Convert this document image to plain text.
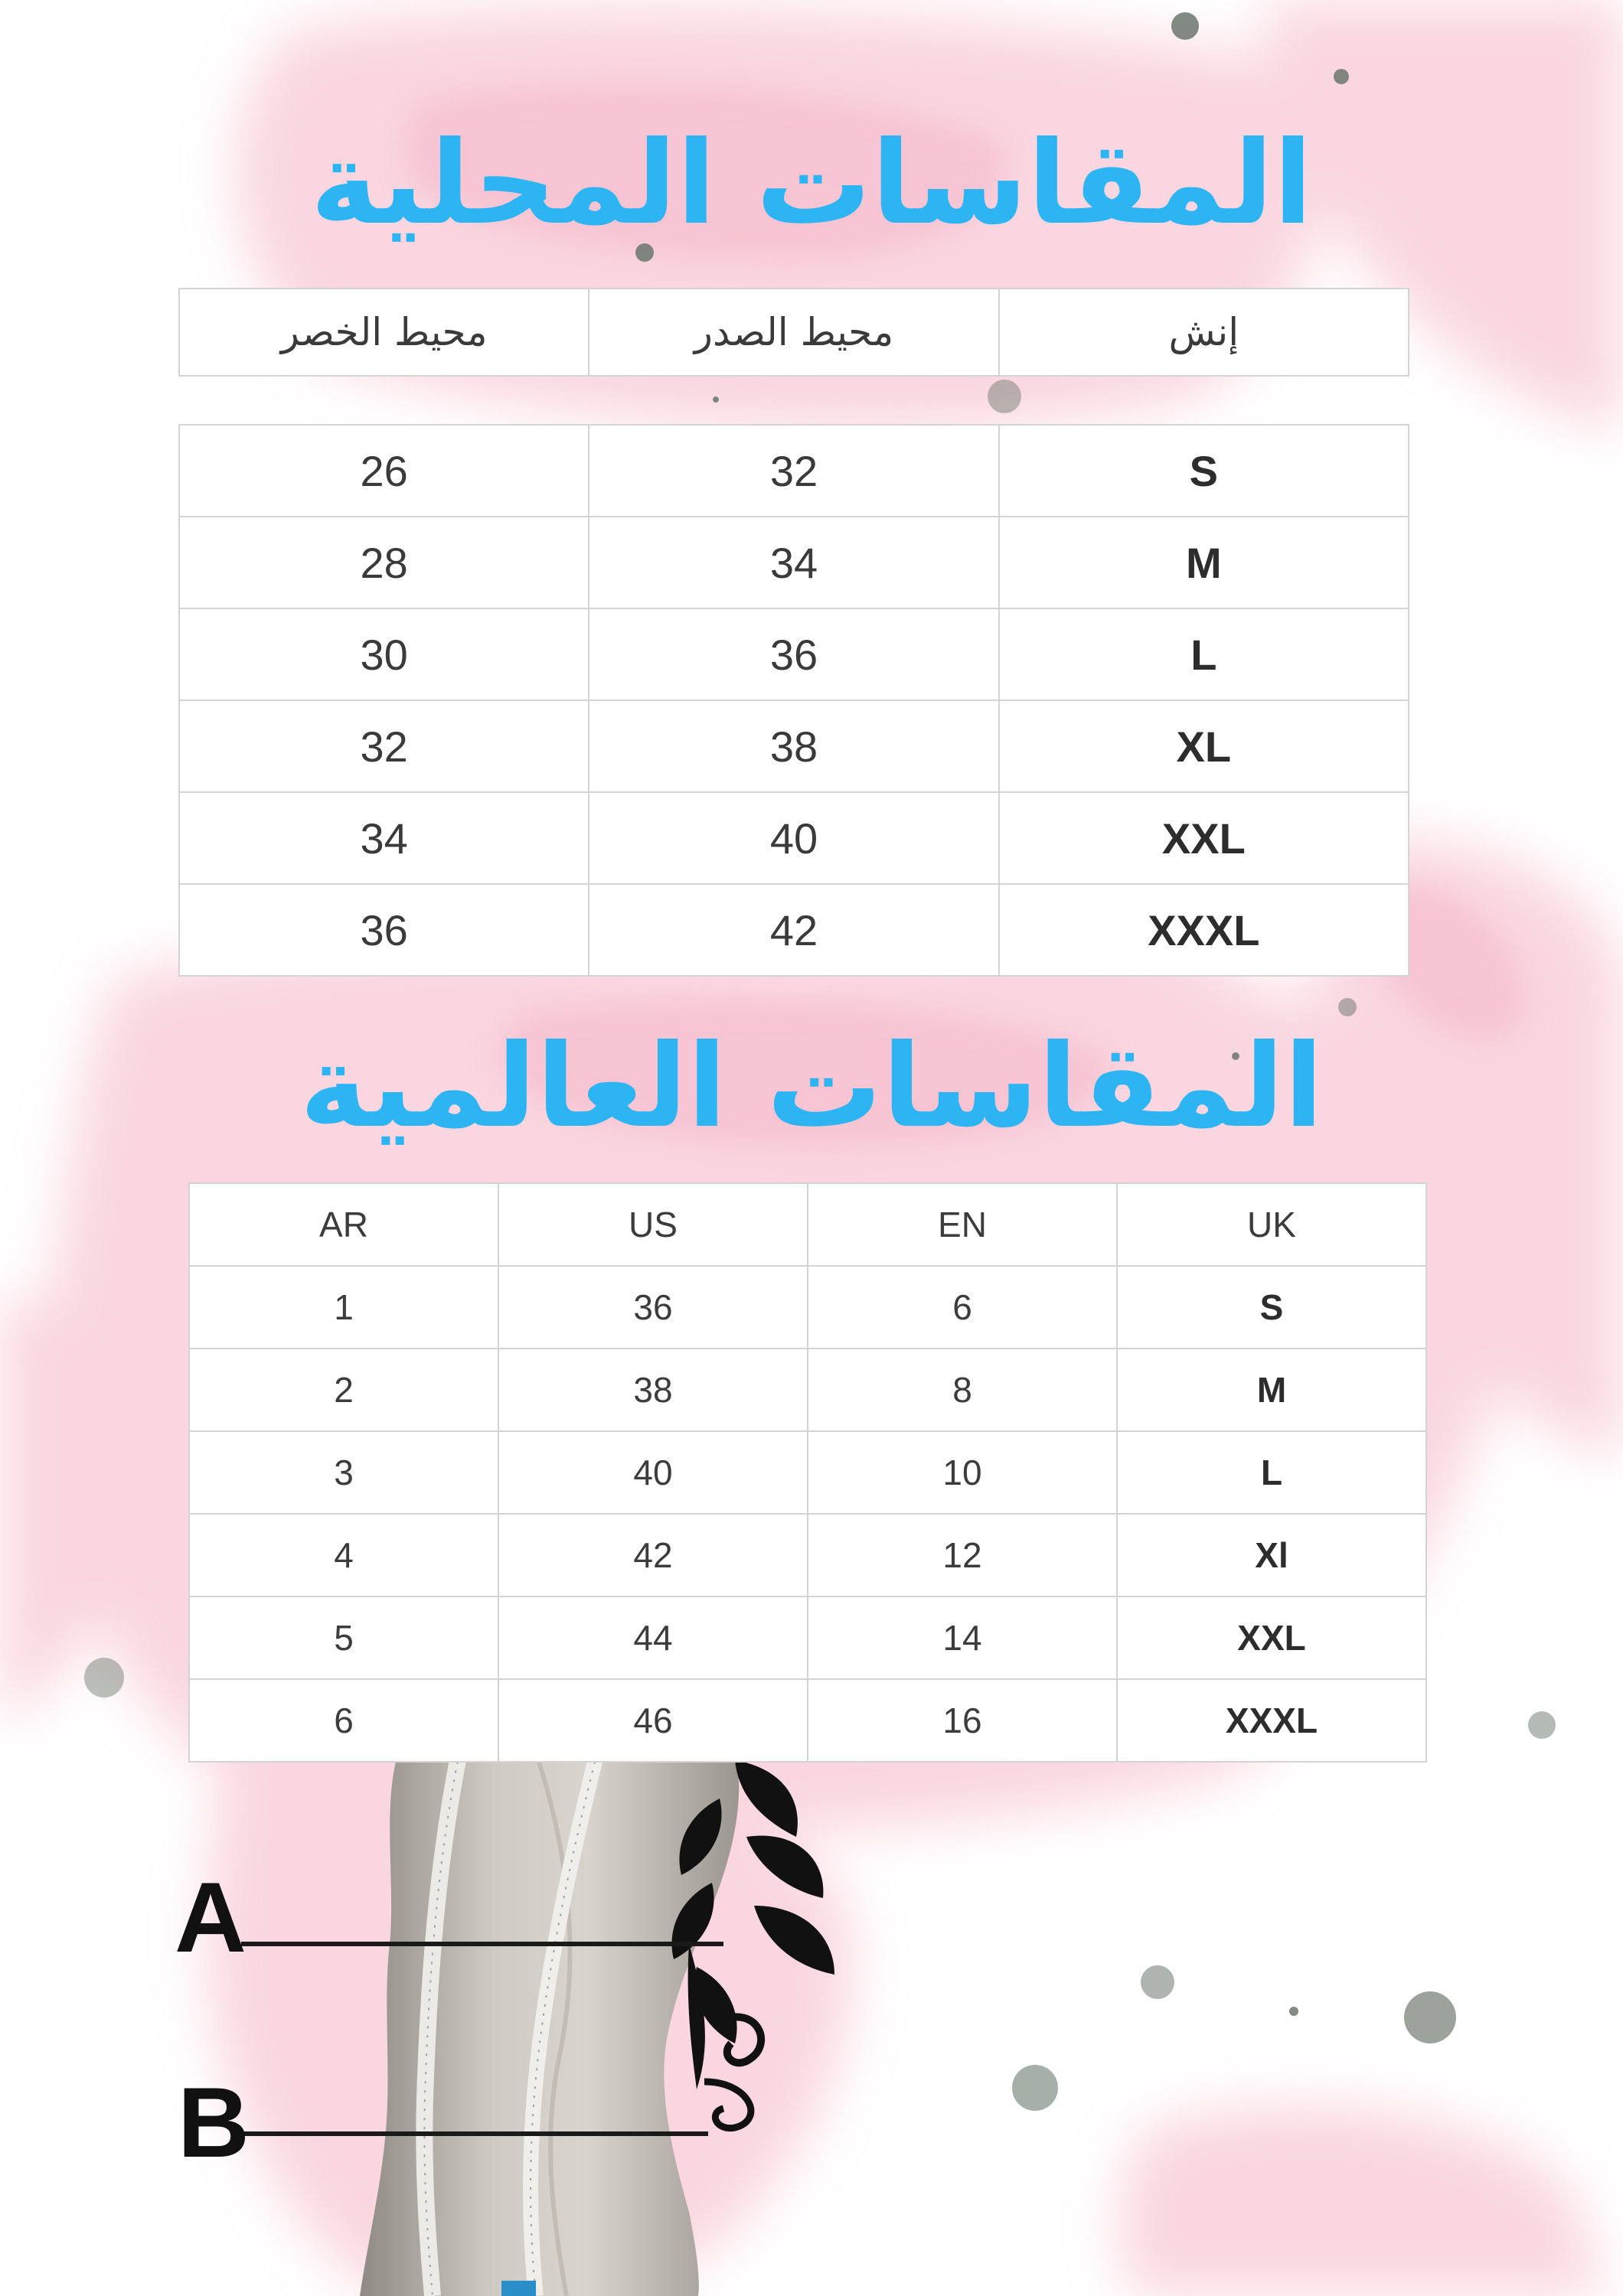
المقاسات المحلية
محيط الخصر	محيط الصدر	إنش
26	32	S
28	34	M
30	36	L
32	38	XL
34	40	XXL
36	42	XXXL
المقاسات العالمية
AR	US	EN	UK
1	36	6	S
2	38	8	M
3	40	10	L
4	42	12	Xl
5	44	14	XXL
6	46	16	XXXL
A
B
